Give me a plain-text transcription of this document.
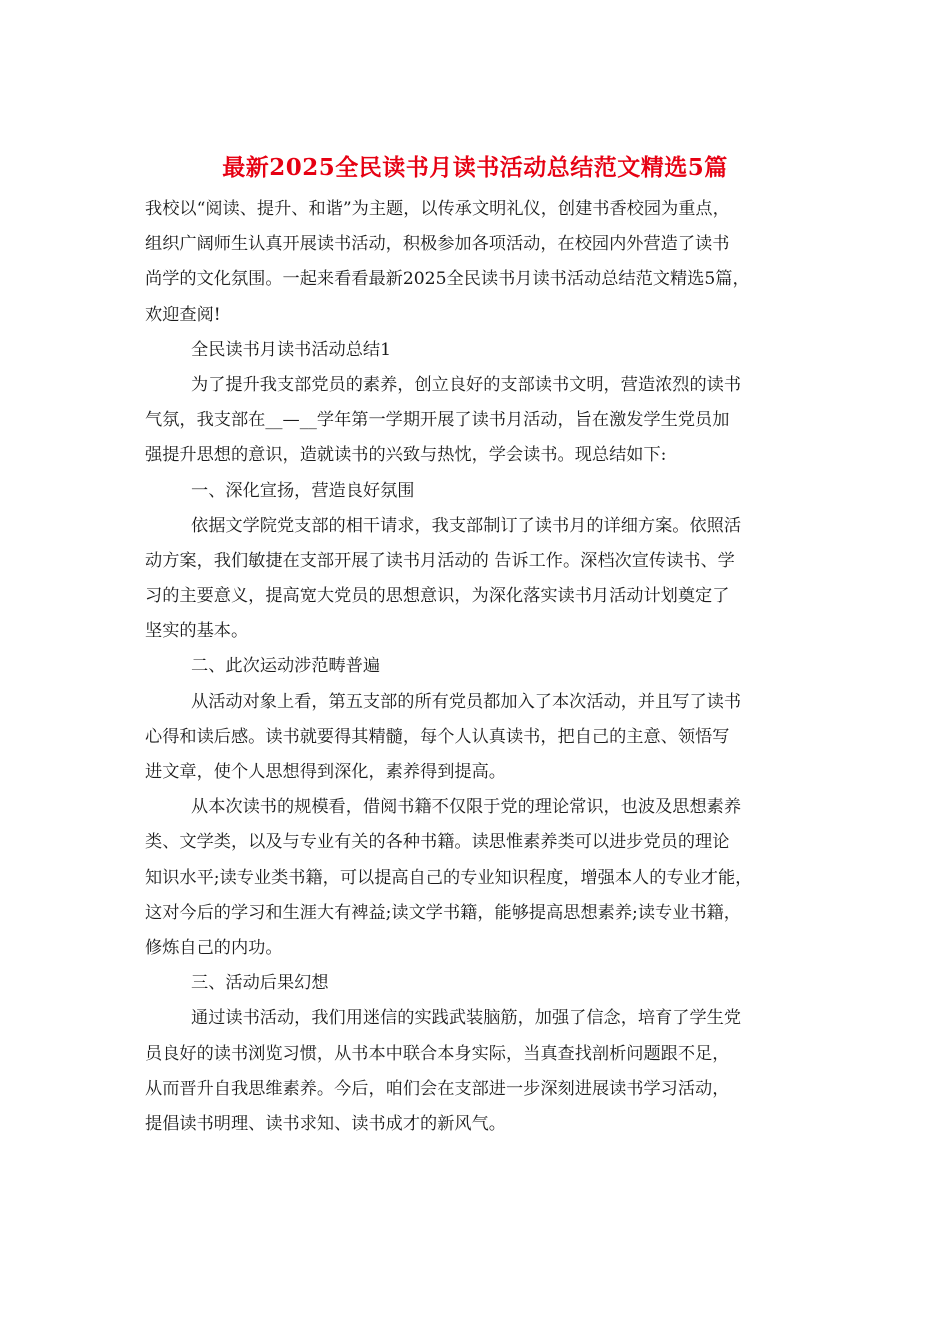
最新2025全民读书月读书活动总结范文精选5篇
我校以“阅读、提升、和谐”为主题，以传承文明礼仪，创建书香校园为重点，
组织广阔师生认真开展读书活动，积极参加各项活动，在校园内外营造了读书
尚学的文化氛围。一起来看看最新2025全民读书月读书活动总结范文精选5篇，
欢迎查阅!
全民读书月读书活动总结1
为了提升我支部党员的素养，创立良好的支部读书文明，营造浓烈的读书
气氛，我支部在__—__学年第一学期开展了读书月活动，旨在激发学生党员加
强提升思想的意识，造就读书的兴致与热忱，学会读书。现总结如下:
一、深化宣扬，营造良好氛围
依据文学院党支部的相干请求，我支部制订了读书月的详细方案。依照活
动方案，我们敏捷在支部开展了读书月活动的 告诉工作。深档次宣传读书、学
习的主要意义，提高宽大党员的思想意识，为深化落实读书月活动计划奠定了
坚实的基本。
二、此次运动涉范畴普遍
从活动对象上看，第五支部的所有党员都加入了本次活动，并且写了读书
心得和读后感。读书就要得其精髓，每个人认真读书，把自己的主意、领悟写
进文章，使个人思想得到深化，素养得到提高。
从本次读书的规模看，借阅书籍不仅限于党的理论常识，也波及思想素养
类、文学类，以及与专业有关的各种书籍。读思惟素养类可以进步党员的理论
知识水平;读专业类书籍，可以提高自己的专业知识程度，增强本人的专业才能，
这对今后的学习和生涯大有裨益;读文学书籍，能够提高思想素养;读专业书籍，
修炼自己的内功。
三、活动后果幻想
通过读书活动，我们用迷信的实践武装脑筋，加强了信念，培育了学生党
员良好的读书浏览习惯，从书本中联合本身实际，当真查找剖析问题跟不足，
从而晋升自我思维素养。今后，咱们会在支部进一步深刻进展读书学习活动，
提倡读书明理、读书求知、读书成才的新风气。
